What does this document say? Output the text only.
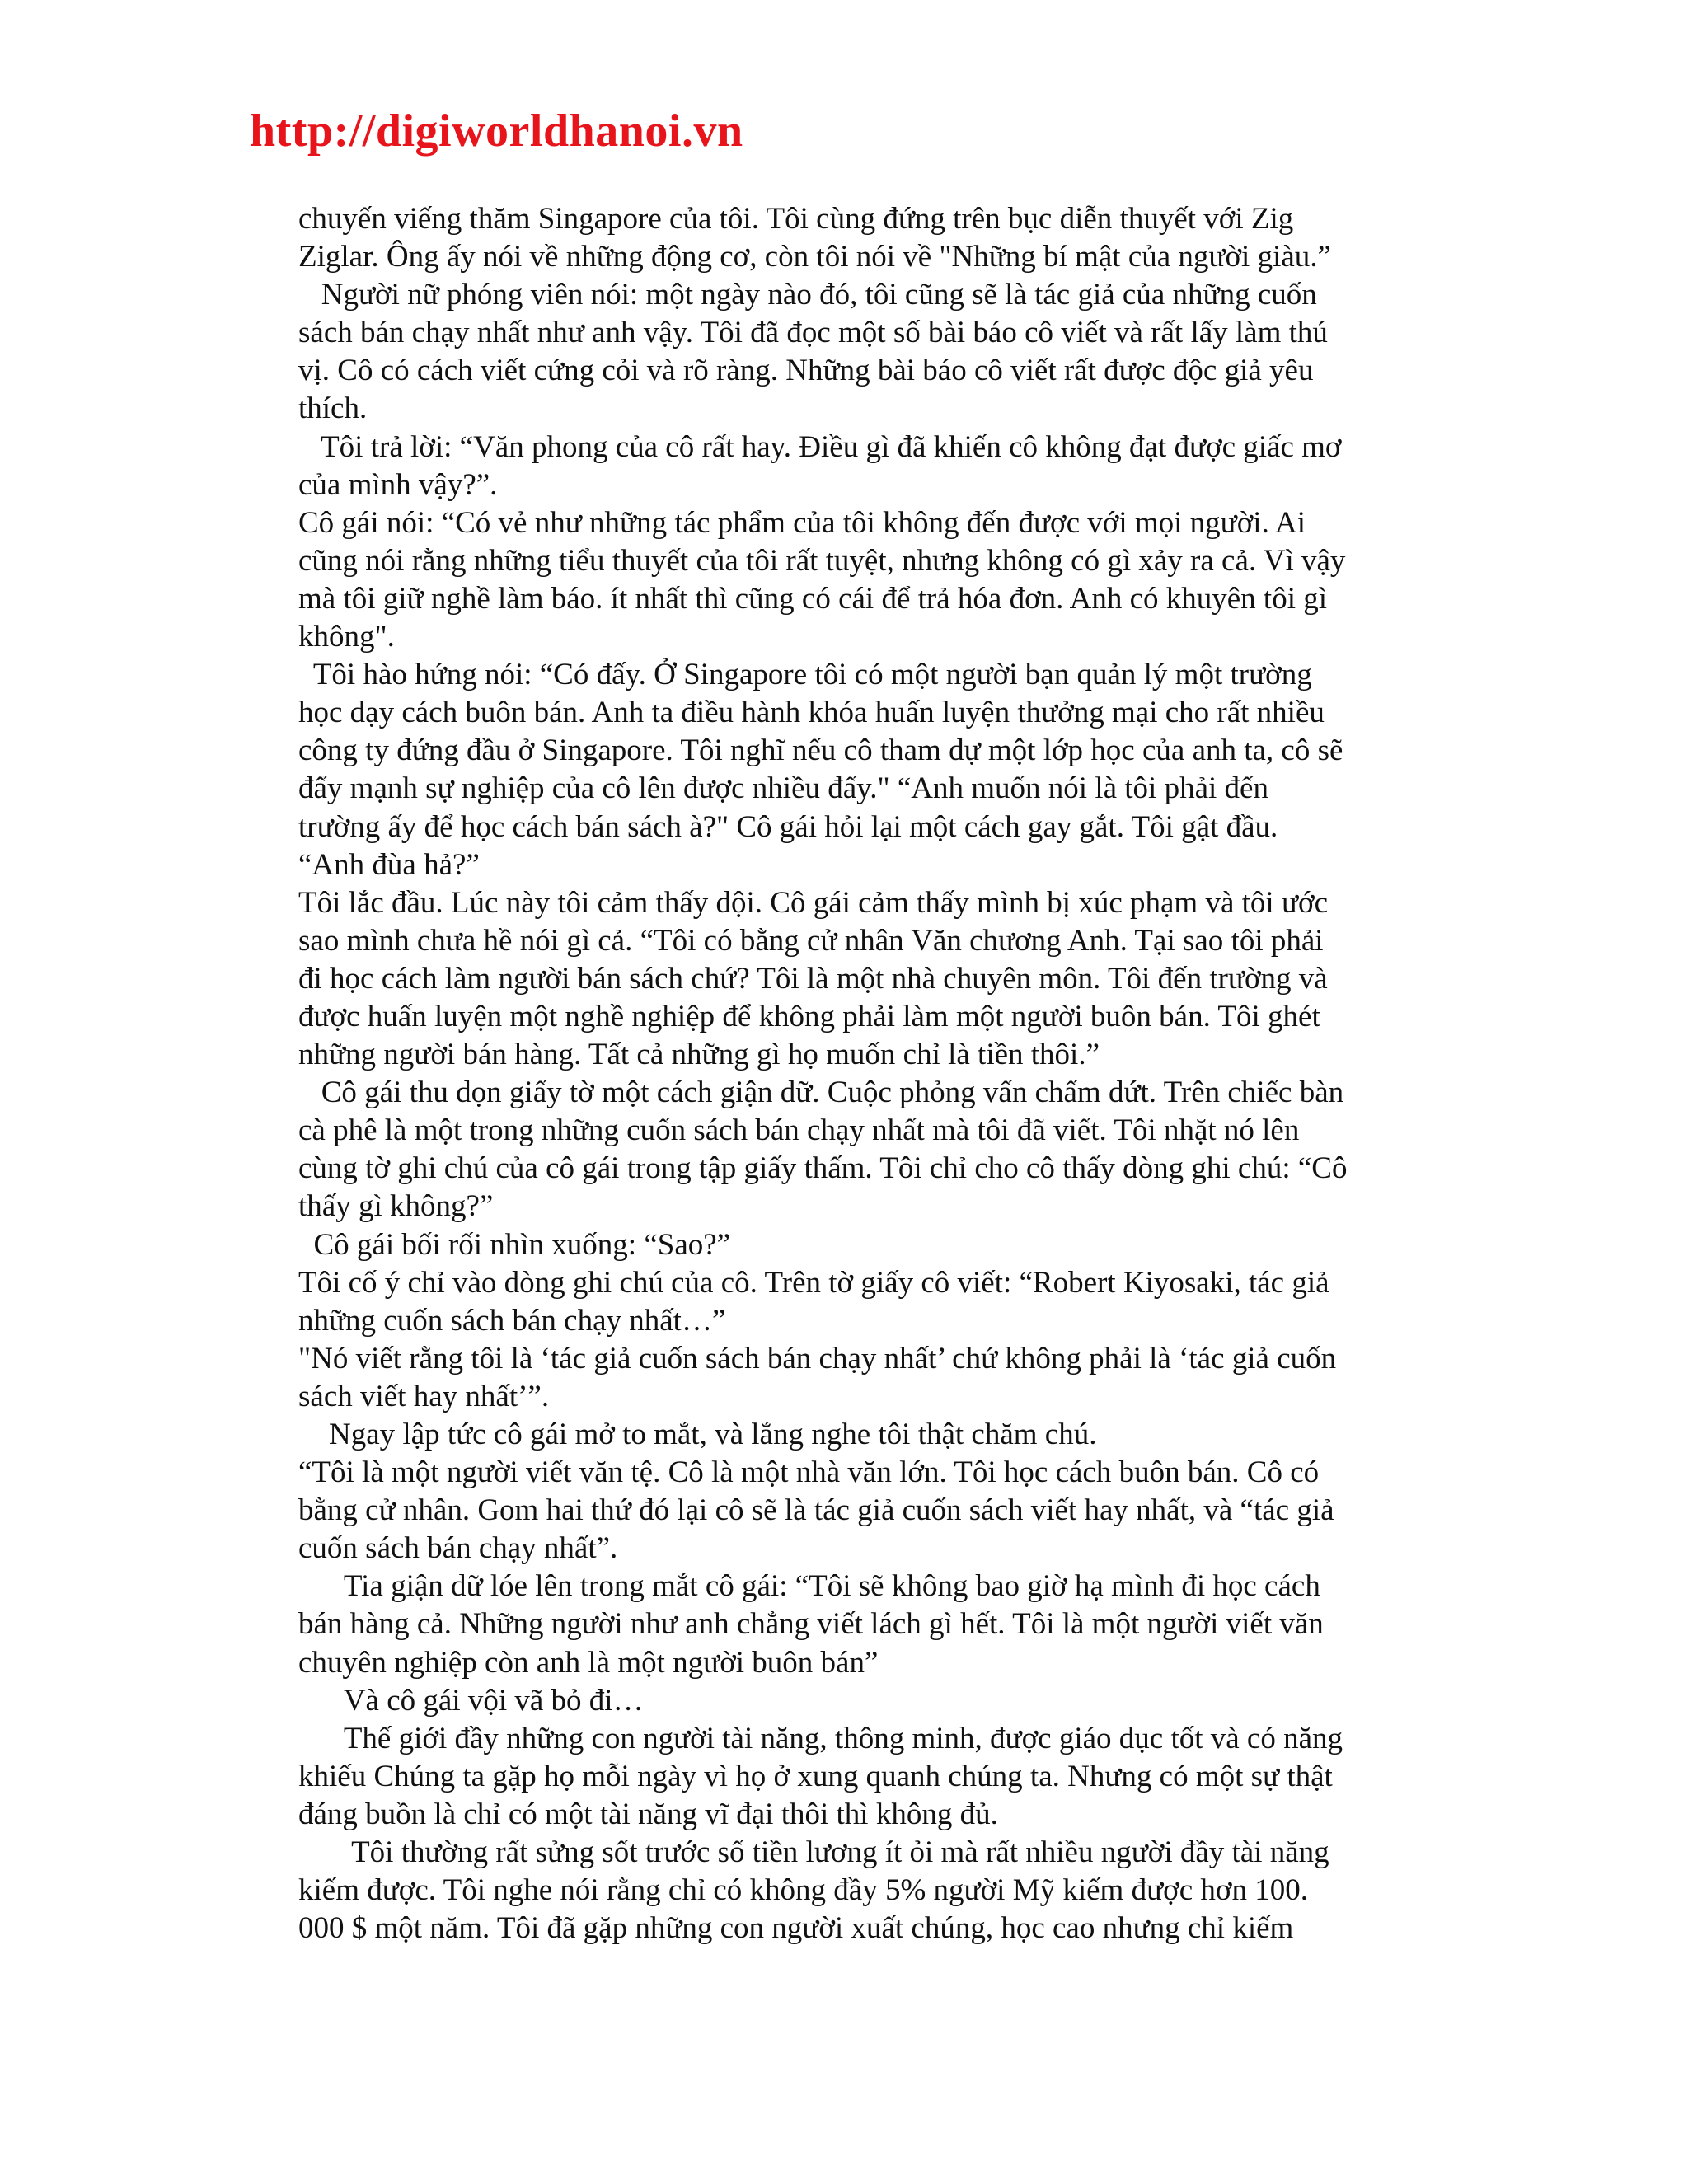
http://digiworldhanoi.vn

chuyến viếng thăm Singapore của tôi. Tôi cùng đứng trên bục diễn thuyết với Zig

Ziglar. Ông ấy nói về những động cơ, còn tôi nói về "Những bí mật của người giàu.”

Người nữ phóng viên nói: một ngày nào đó, tôi cũng sẽ là tác giả của những cuốn

sách bán chạy nhất như anh vậy. Tôi đã đọc một số bài báo cô viết và rất lấy làm thú

vị. Cô có cách viết cứng cỏi và rõ ràng. Những bài báo cô viết rất được độc giả yêu

thích.

Tôi trả lời: “Văn phong của cô rất hay. Điều gì đã khiến cô không đạt được giấc mơ

của mình vậy?”.

Cô gái nói: “Có vẻ như những tác phẩm của tôi không đến được với mọi người. Ai

cũng nói rằng những tiểu thuyết của tôi rất tuyệt, nhưng không có gì xảy ra cả. Vì vậy

mà tôi giữ nghề làm báo. ít nhất thì cũng có cái để trả hóa đơn. Anh có khuyên tôi gì

không".

Tôi hào hứng nói: “Có đấy. Ở Singapore tôi có một người bạn quản lý một trường

học dạy cách buôn bán. Anh ta điều hành khóa huấn luyện thưởng mại cho rất nhiều

công ty đứng đầu ở Singapore. Tôi nghĩ nếu cô tham dự một lớp học của anh ta, cô sẽ

đẩy mạnh sự nghiệp của cô lên được nhiều đấy." “Anh muốn nói là tôi phải đến

trường ấy để học cách bán sách à?" Cô gái hỏi lại một cách gay gắt. Tôi gật đầu.

“Anh đùa hả?”

Tôi lắc đầu. Lúc này tôi cảm thấy dội. Cô gái cảm thấy mình bị xúc phạm và tôi ước

sao mình chưa hề nói gì cả. “Tôi có bằng cử nhân Văn chương Anh. Tại sao tôi phải

đi học cách làm người bán sách chứ? Tôi là một nhà chuyên môn. Tôi đến trường và

được huấn luyện một nghề nghiệp để không phải làm một người buôn bán. Tôi ghét

những người bán hàng. Tất cả những gì họ muốn chỉ là tiền thôi.”

Cô gái thu dọn giấy tờ một cách giận dữ. Cuộc phỏng vấn chấm dứt. Trên chiếc bàn

cà phê là một trong những cuốn sách bán chạy nhất mà tôi đã viết. Tôi nhặt nó lên

cùng tờ ghi chú của cô gái trong tập giấy thấm. Tôi chỉ cho cô thấy dòng ghi chú: “Cô

thấy gì không?”

Cô gái bối rối nhìn xuống: “Sao?”

Tôi cố ý chỉ vào dòng ghi chú của cô. Trên tờ giấy cô viết: “Robert Kiyosaki, tác giả

những cuốn sách bán chạy nhất…”

"Nó viết rằng tôi là ‘tác giả cuốn sách bán chạy nhất’ chứ không phải là ‘tác giả cuốn

sách viết hay nhất’”.

Ngay lập tức cô gái mở to mắt, và lắng nghe tôi thật chăm chú.

“Tôi là một người viết văn tệ. Cô là một nhà văn lớn. Tôi học cách buôn bán. Cô có

bằng cử nhân. Gom hai thứ đó lại cô sẽ là tác giả cuốn sách viết hay nhất, và “tác giả

cuốn sách bán chạy nhất”.

Tia giận dữ lóe lên trong mắt cô gái: “Tôi sẽ không bao giờ hạ mình đi học cách

bán hàng cả. Những người như anh chẳng viết lách gì hết. Tôi là một người viết văn

chuyên nghiệp còn anh là một người buôn bán”

Và cô gái vội vã bỏ đi…

Thế giới đầy những con người tài năng, thông minh, được giáo dục tốt và có năng

khiếu Chúng ta gặp họ mỗi ngày vì họ ở xung quanh chúng ta. Nhưng có một sự thật

đáng buồn là chỉ có một tài năng vĩ đại thôi thì không đủ.

Tôi thường rất sửng sốt trước số tiền lương ít ỏi mà rất nhiều người đầy tài năng

kiếm được. Tôi nghe nói rằng chỉ có không đầy 5% người Mỹ kiếm được hơn 100.

000 $ một năm. Tôi đã gặp những con người xuất chúng, học cao nhưng chỉ kiếm
